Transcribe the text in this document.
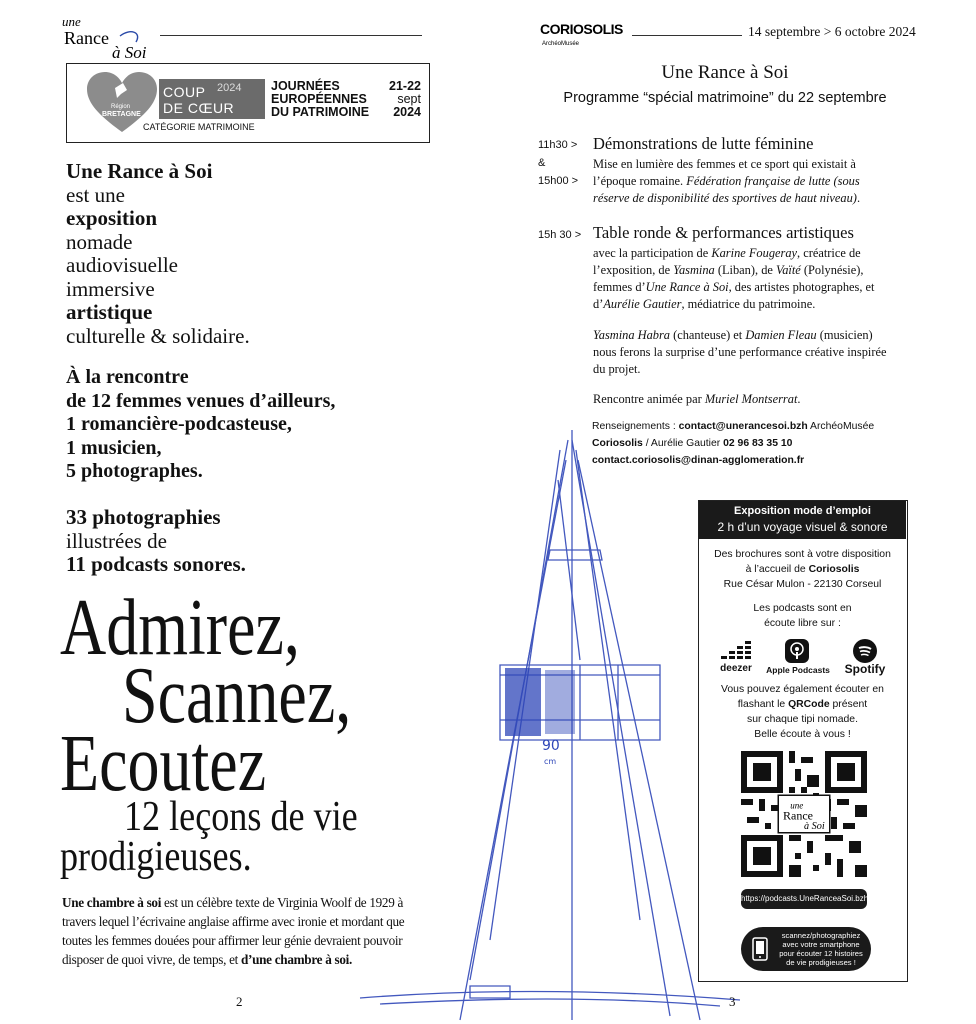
une
Rance
à Soi
Région
BRETAGNE
COUP 2024
DE CŒUR
CATÉGORIE MATRIMOINE
JOURNÉES
EUROPÉENNES
DU PATRIMOINE
21-22
sept
2024
Une Rance à Soi
est une
exposition
nomade
audiovisuelle
immersive
artistique
culturelle & solidaire.
À la rencontre
de 12 femmes venues d’ailleurs,
1 romancière-podcasteuse,
1 musicien,
5 photographes.
33 photographies
illustrées de
11 podcasts sonores.
90
cm
Admirez,
Scannez,
Ecoutez
12 leçons de vie
prodigieuses.
Une chambre à soi est un célèbre texte de Virginia Woolf de 1929 à travers lequel l’écrivaine anglaise affirme avec ironie et mordant que toutes les femmes douées pour affirmer leur génie devraient pouvoir disposer de quoi vivre, de temps, et d’une chambre à soi.
2	3
CORIOSOLIS
ArchéoMusée
14 septembre > 6 octobre 2024
Une Rance à Soi
Programme “spécial matrimoine” du 22 septembre
11h30 >
&
15h00 >
Démonstrations de lutte féminine
Mise en lumière des femmes et ce sport qui existait à l’époque romaine. Fédération française de lutte (sous réserve de disponibilité des sportives de haut niveau).
15h 30 > Table ronde & performances artistiques
avec la participation de Karine Fougeray, créatrice de l’exposition, de Yasmina (Liban), de Vaïté (Polynésie), femmes d’Une Rance à Soi, des artistes photographes, et d’Aurélie Gautier, médiatrice du patrimoine.
Yasmina Habra (chanteuse) et Damien Fleau (musicien) nous ferons la surprise d’une performance créative inspirée du projet.
Rencontre animée par Muriel Montserrat.
Renseignements : contact@unerancesoi.bzh ArchéoMusée
Coriosolis / Aurélie Gautier 02 96 83 35 10
contact.coriosolis@dinan-agglomeration.fr
Exposition mode d’emploi
2 h d’un voyage visuel & sonore
Des brochures sont à votre disposition
à l’accueil de Coriosolis
Rue César Mulon - 22130 Corseul
Les podcasts sont en
écoute libre sur :
deezer	Apple Podcasts	Spotify
Vous pouvez également écouter en
flashant le QRCode présent
sur chaque tipi nomade.
Belle écoute à vous !
une
Rance
à Soi
https://podcasts.UneRanceaSoi.bzh
scannez/photographiez avec votre smartphone pour écouter 12 histoires de vie prodigieuses !
